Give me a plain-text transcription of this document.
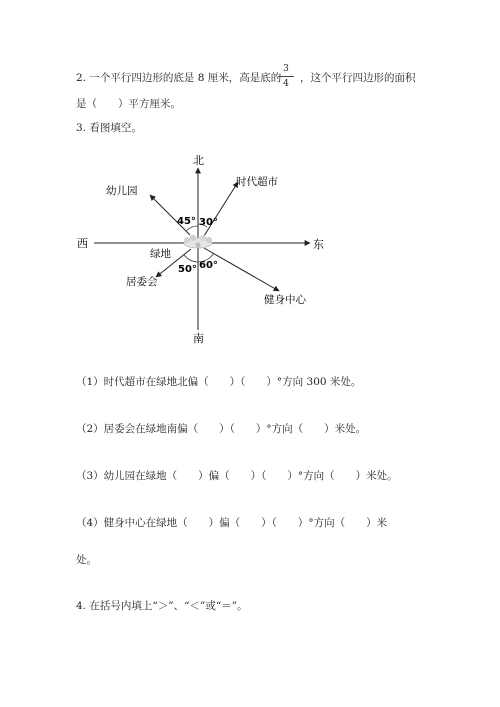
2. 一个平行四边形的底是 8 厘米，高是底的
3
4	，这个平行四边形的面积
是（　　）平方厘米。
3. 看图填空。
北
南
西	东
幼儿园
时代超市
绿地
居委会
健身中心
45° 30°
50° 60°
（1）时代超市在绿地北偏（　　）（　　）°方向 300 米处。
（2）居委会在绿地南偏（　　）（　　）°方向（　　）米处。
（3）幼儿园在绿地（　　）偏（　　）（　　）°方向（　　）米处。
（4）健身中心在绿地（　　）偏（　　）（　　）°方向（　　）米
处。
4. 在括号内填上“＞”、“＜”或“＝”。
